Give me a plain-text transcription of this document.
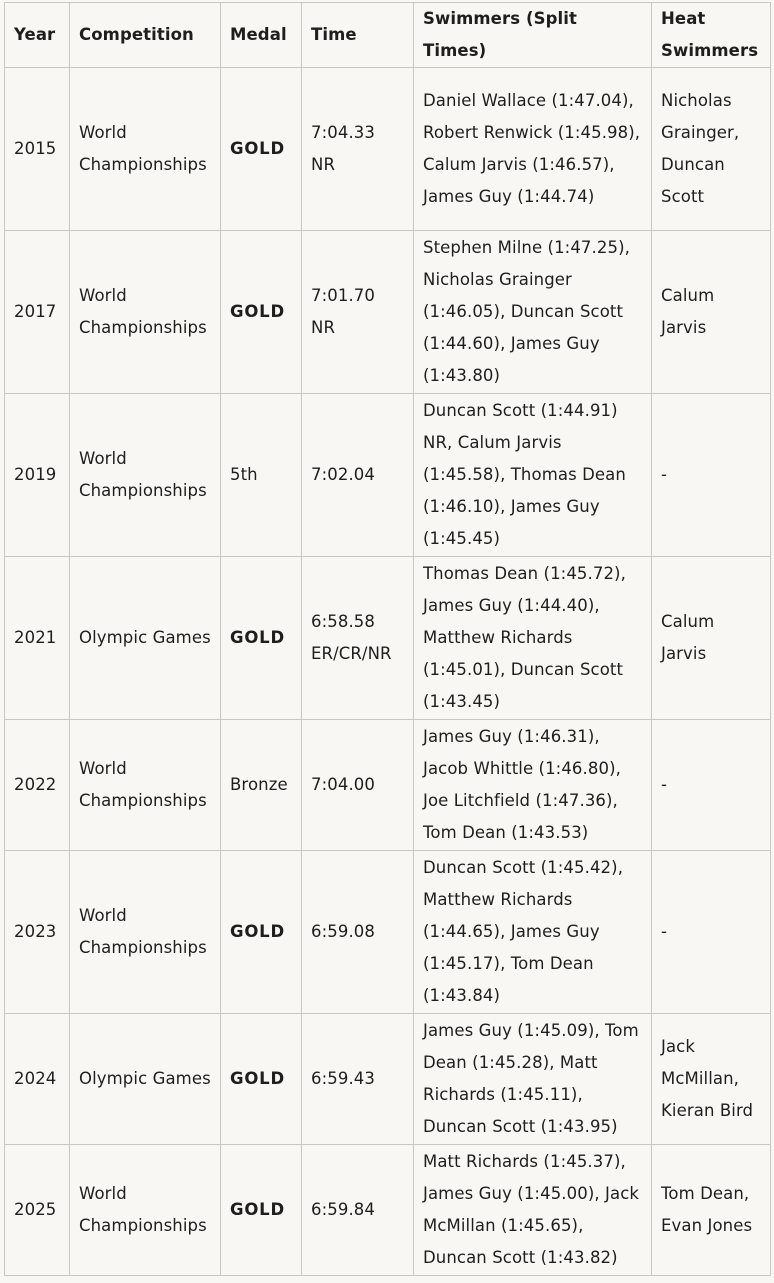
Year	Competition	Medal	Time	Swimmers (Split Times)	Heat Swimmers
2015	World Championships	GOLD	7:04.33 NR	Daniel Wallace (1:47.04), Robert Renwick (1:45.98), Calum Jarvis (1:46.57), James Guy (1:44.74)	Nicholas Grainger, Duncan Scott
2017	World Championships	GOLD	7:01.70 NR	Stephen Milne (1:47.25), Nicholas Grainger (1:46.05), Duncan Scott (1:44.60), James Guy (1:43.80)	Calum Jarvis
2019	World Championships	5th	7:02.04	Duncan Scott (1:44.91) NR, Calum Jarvis (1:45.58), Thomas Dean (1:46.10), James Guy (1:45.45)	-
2021	Olympic Games	GOLD	6:58.58 ER/CR/NR	Thomas Dean (1:45.72), James Guy (1:44.40), Matthew Richards (1:45.01), Duncan Scott (1:43.45)	Calum Jarvis
2022	World Championships	Bronze	7:04.00	James Guy (1:46.31), Jacob Whittle (1:46.80), Joe Litchfield (1:47.36), Tom Dean (1:43.53)	-
2023	World Championships	GOLD	6:59.08	Duncan Scott (1:45.42), Matthew Richards (1:44.65), James Guy (1:45.17), Tom Dean (1:43.84)	-
2024	Olympic Games	GOLD	6:59.43	James Guy (1:45.09), Tom Dean (1:45.28), Matt Richards (1:45.11), Duncan Scott (1:43.95)	Jack McMillan, Kieran Bird
2025	World Championships	GOLD	6:59.84	Matt Richards (1:45.37), James Guy (1:45.00), Jack McMillan (1:45.65), Duncan Scott (1:43.82)	Tom Dean, Evan Jones
